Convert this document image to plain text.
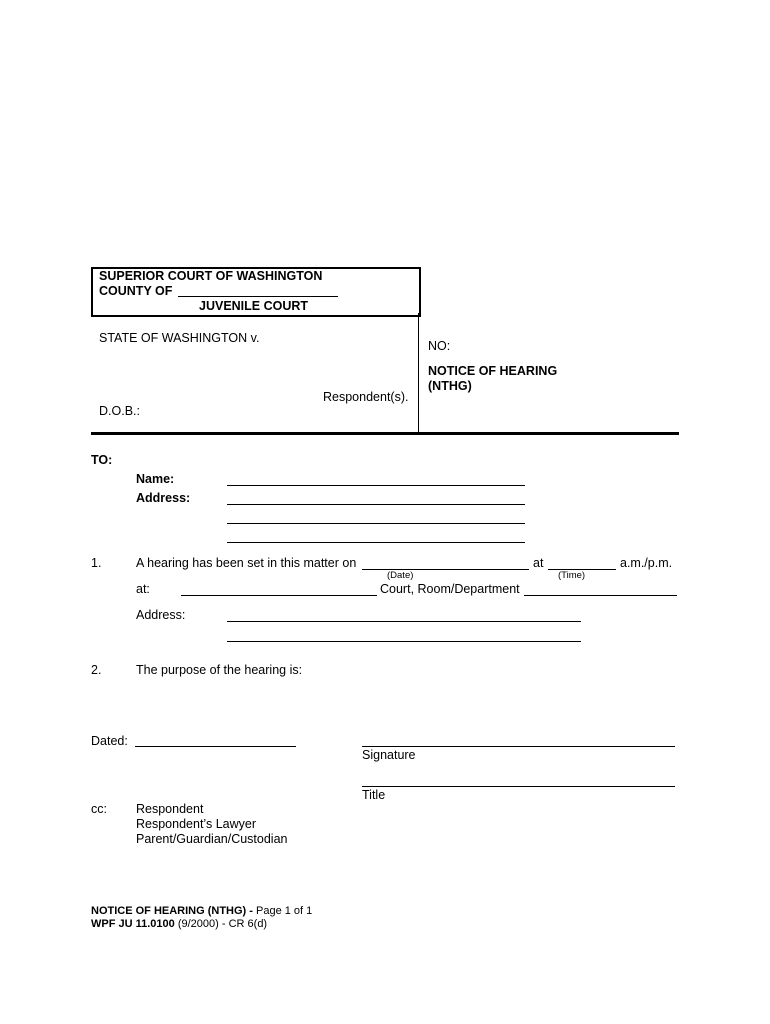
SUPERIOR COURT OF WASHINGTON
COUNTY OF
JUVENILE COURT
STATE OF WASHINGTON v.
Respondent(s).
D.O.B.:
NO:
NOTICE OF HEARING
(NTHG)
TO:
Name:
Address:
1.	A hearing has been set in this matter on	at	a.m./p.m.
(Date)	(Time)
at:	Court, Room/Department
Address:
2.	The purpose of the hearing is:
Dated:
Signature
Title
cc: Respondent
Respondent’s Lawyer
Parent/Guardian/Custodian
NOTICE OF HEARING (NTHG) - Page 1 of 1
WPF JU 11.0100 (9/2000) - CR 6(d)
